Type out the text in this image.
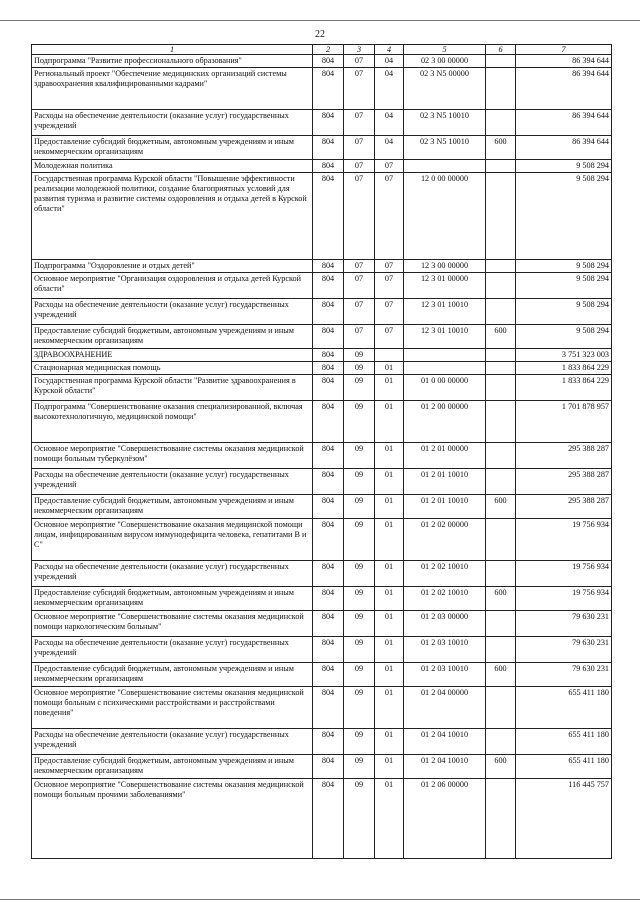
22
1	2	3	4	5	6	7
Подпрограмма "Развитие профессионального образования"	804	07	04	02 3 00 00000		86 394 644
Региональный проект "Обеспечение медицинских организаций системы здравоохранения квалифицированными кадрами"	804	07	04	02 3 N5 00000		86 394 644
Расходы на обеспечение деятельности (оказание услуг) государственных учреждений	804	07	04	02 3 N5 10010		86 394 644
Предоставление субсидий бюджетным, автономным учреждениям и иным некоммерческим организациям	804	07	04	02 3 N5 10010	600	86 394 644
Молодежная политика	804	07	07			9 508 294
Государственная программа Курской области "Повышение эффективности реализации молодежной политики, создание благоприятных условий для развития туризма и развитие системы оздоровления и отдыха детей в Курской области"	804	07	07	12 0 00 00000		9 508 294
Подпрограмма "Оздоровление и отдых детей"	804	07	07	12 3 00 00000		9 508 294
Основное мероприятие "Организация оздоровления и отдыха детей Курской области"	804	07	07	12 3 01 00000		9 508 294
Расходы на обеспечение деятельности (оказание услуг) государственных учреждений	804	07	07	12 3 01 10010		9 508 294
Предоставление субсидий бюджетным, автономным учреждениям и иным некоммерческим организациям	804	07	07	12 3 01 10010	600	9 508 294
ЗДРАВООХРАНЕНИЕ	804	09				3 751 323 003
Стационарная медицинская помощь	804	09	01			1 833 864 229
Государственная программа Курской области "Развитие здравоохранения в Курской области"	804	09	01	01 0 00 00000		1 833 864 229
Подпрограмма "Совершенствование оказания специализированной, включая высокотехнологичную, медицинской помощи"	804	09	01	01 2 00 00000		1 701 878 957
Основное мероприятие "Совершенствование системы оказания медицинской помощи больным туберкулёзом"	804	09	01	01 2 01 00000		295 388 287
Расходы на обеспечение деятельности (оказание услуг) государственных учреждений	804	09	01	01 2 01 10010		295 388 287
Предоставление субсидий бюджетным, автономным учреждениям и иным некоммерческим организациям	804	09	01	01 2 01 10010	600	295 388 287
Основное мероприятие "Совершенствование оказания медицинской помощи лицам, инфицированным вирусом иммунодефицита человека, гепатитами B и C"	804	09	01	01 2 02 00000		19 756 934
Расходы на обеспечение деятельности (оказание услуг) государственных учреждений	804	09	01	01 2 02 10010		19 756 934
Предоставление субсидий бюджетным, автономным учреждениям и иным некоммерческим организациям	804	09	01	01 2 02 10010	600	19 756 934
Основное мероприятие "Совершенствование системы оказания медицинской помощи наркологическим больным"	804	09	01	01 2 03 00000		79 630 231
Расходы на обеспечение деятельности (оказание услуг) государственных учреждений	804	09	01	01 2 03 10010		79 630 231
Предоставление субсидий бюджетным, автономным учреждениям и иным некоммерческим организациям	804	09	01	01 2 03 10010	600	79 630 231
Основное мероприятие "Совершенствование системы оказания медицинской помощи больным с психическими расстройствами и расстройствами поведения"	804	09	01	01 2 04 00000		655 411 180
Расходы на обеспечение деятельности (оказание услуг) государственных учреждений	804	09	01	01 2 04 10010		655 411 180
Предоставление субсидий бюджетным, автономным учреждениям и иным некоммерческим организациям	804	09	01	01 2 04 10010	600	655 411 180
Основное мероприятие "Совершенствование системы оказания медицинской помощи больным прочими заболеваниями"	804	09	01	01 2 06 00000		116 445 757
